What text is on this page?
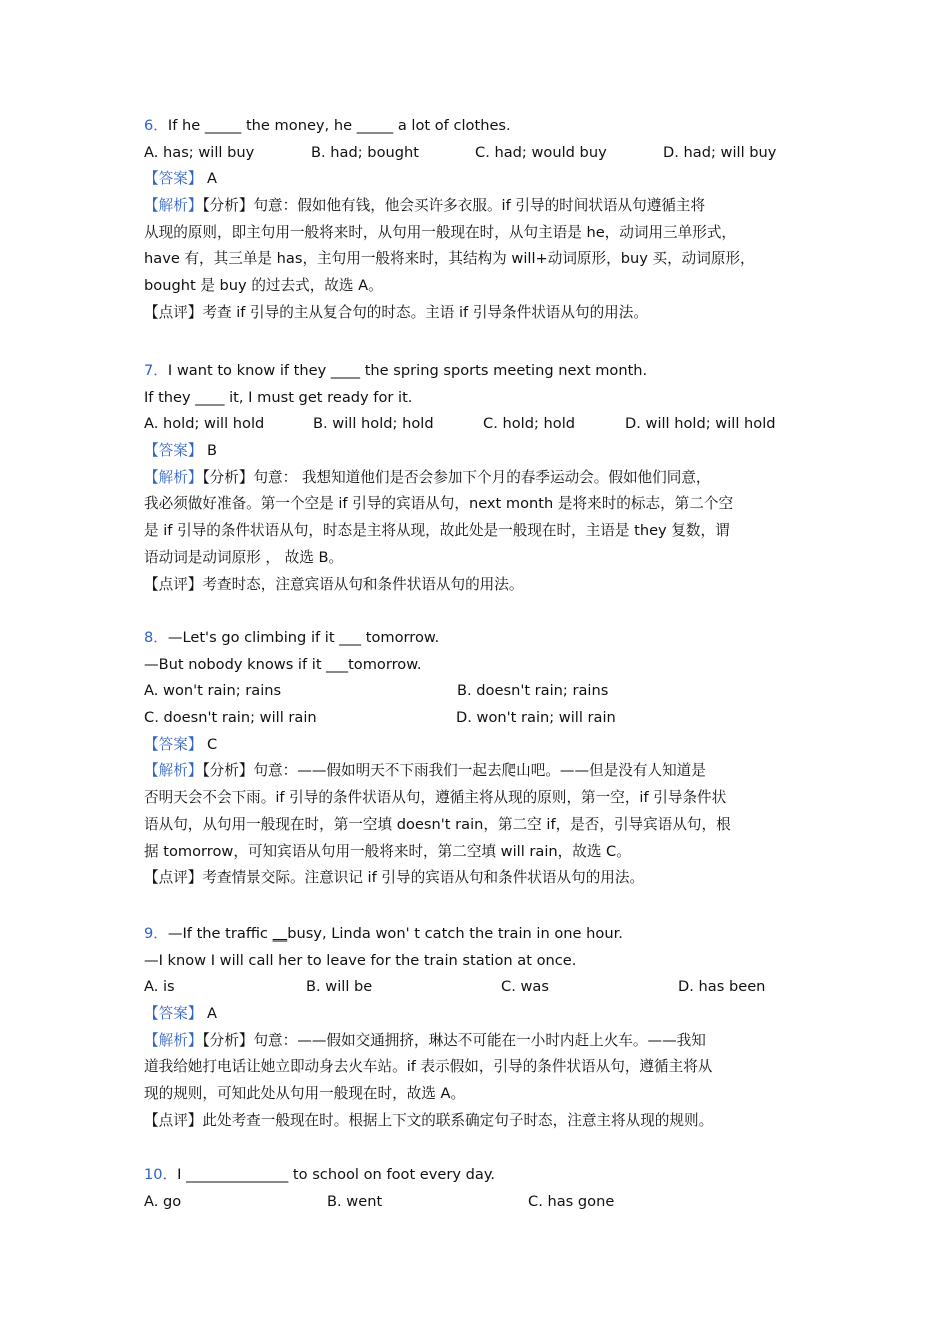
6．If he _____ the money, he _____ a lot of clothes.
A. has; will buy	B. had; bought	C. had; would buy	D. had; will buy
【答案】 A
【解析】【分析】句意：假如他有钱，他会买许多衣服。if 引导的时间状语从句遵循主将
从现的原则，即主句用一般将来时，从句用一般现在时，从句主语是 he，动词用三单形式，
have 有，其三单是 has，主句用一般将来时，其结构为 will+动词原形，buy 买，动词原形，
bought 是 buy 的过去式，故选 A。
【点评】考查 if 引导的主从复合句的时态。主语 if 引导条件状语从句的用法。
7．I want to know if they ____ the spring sports meeting next month.
If they ____ it, I must get ready for it.
A. hold; will hold	B. will hold; hold	C. hold; hold	D. will hold; will hold
【答案】 B
【解析】【分析】句意： 我想知道他们是否会参加下个月的春季运动会。假如他们同意，
我必须做好准备。第一个空是 if 引导的宾语从句，next month 是将来时的标志，第二个空
是 if 引导的条件状语从句，时态是主将从现，故此处是一般现在时，主语是 they 复数，谓
语动词是动词原形 ， 故选 B。
【点评】考查时态，注意宾语从句和条件状语从句的用法。
8．—Let's go climbing if it ___ tomorrow.
—But nobody knows if it ___tomorrow.
A. won't rain; rains	B. doesn't rain; rains
C. doesn't rain; will rain	D. won't rain; will rain
【答案】 C
【解析】【分析】句意：——假如明天不下雨我们一起去爬山吧。——但是没有人知道是
否明天会不会下雨。if 引导的条件状语从句，遵循主将从现的原则，第一空，if 引导条件状
语从句，从句用一般现在时，第一空填 doesn't rain，第二空 if，是否，引导宾语从句，根
据 tomorrow，可知宾语从句用一般将来时，第二空填 will rain，故选 C。
【点评】考查情景交际。注意识记 if 引导的宾语从句和条件状语从句的用法。
9．—If the traffic __busy, Linda won' t catch the train in one hour.
—I know I will call her to leave for the train station at once.
A. is	B. will be	C. was	D. has been
【答案】 A
【解析】【分析】句意：——假如交通拥挤，琳达不可能在一小时内赶上火车。——我知
道我给她打电话让她立即动身去火车站。if 表示假如，引导的条件状语从句，遵循主将从
现的规则，可知此处从句用一般现在时，故选 A。
【点评】此处考查一般现在时。根据上下文的联系确定句子时态，注意主将从现的规则。
10．I ______________ to school on foot every day.
A. go	B. went	C. has gone
